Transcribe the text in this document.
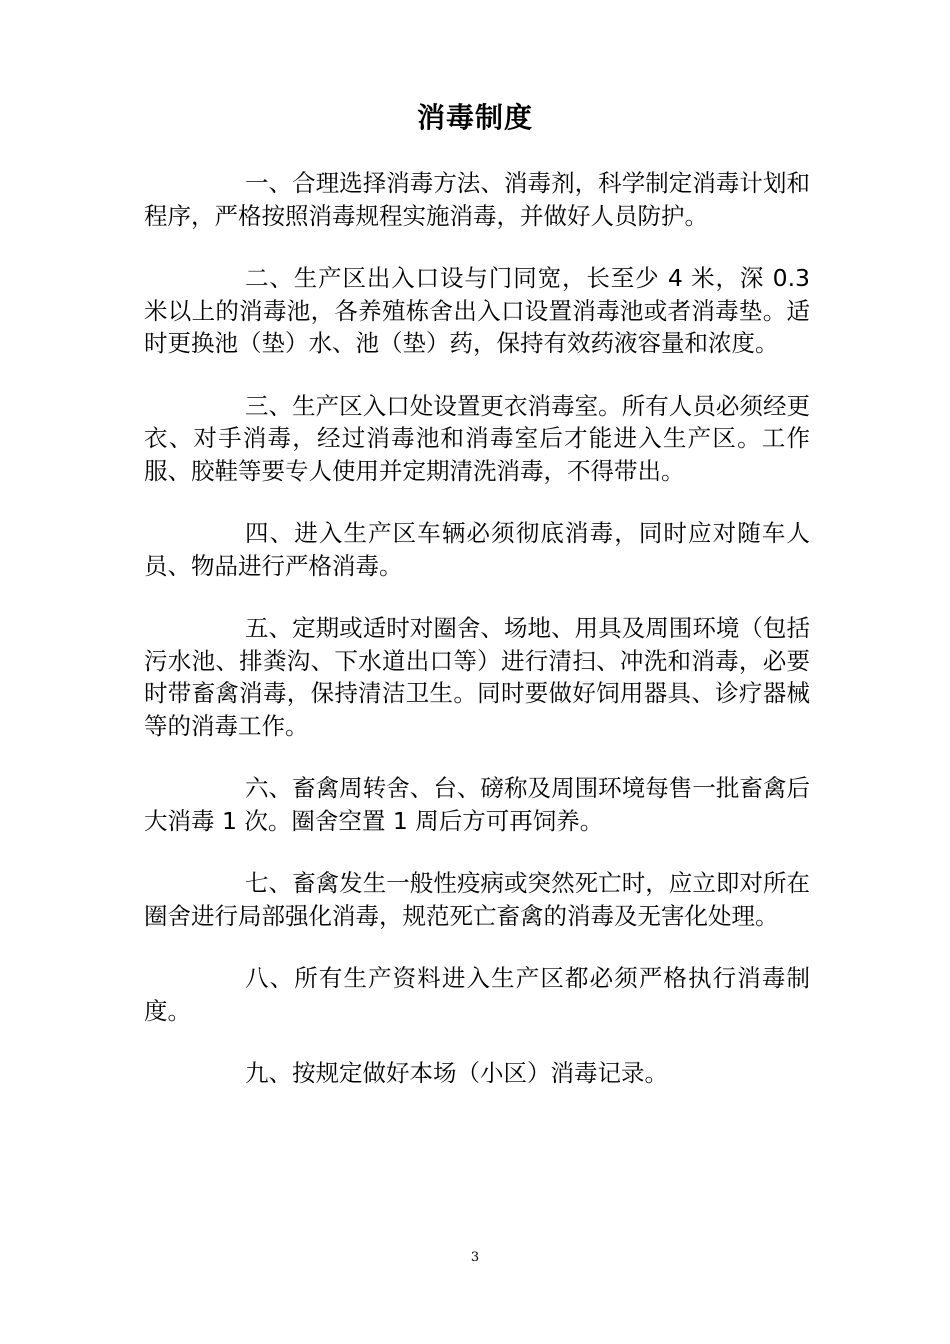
消毒制度

一、合理选择消毒方法、消毒剂，科学制定消毒计划和程序，严格按照消毒规程实施消毒，并做好人员防护。

二、生产区出入口设与门同宽，长至少 4 米，深 0.3 米以上的消毒池，各养殖栋舍出入口设置消毒池或者消毒垫。适时更换池（垫）水、池（垫）药，保持有效药液容量和浓度。

三、生产区入口处设置更衣消毒室。所有人员必须经更衣、对手消毒，经过消毒池和消毒室后才能进入生产区。工作服、胶鞋等要专人使用并定期清洗消毒，不得带出。

四、进入生产区车辆必须彻底消毒，同时应对随车人员、物品进行严格消毒。

五、定期或适时对圈舍、场地、用具及周围环境（包括污水池、排粪沟、下水道出口等）进行清扫、冲洗和消毒，必要时带畜禽消毒，保持清洁卫生。同时要做好饲用器具、诊疗器械等的消毒工作。

六、畜禽周转舍、台、磅称及周围环境每售一批畜禽后大消毒 1 次。圈舍空置 1 周后方可再饲养。

七、畜禽发生一般性疫病或突然死亡时，应立即对所在圈舍进行局部强化消毒，规范死亡畜禽的消毒及无害化处理。

八、所有生产资料进入生产区都必须严格执行消毒制度。

九、按规定做好本场（小区）消毒记录。

3
